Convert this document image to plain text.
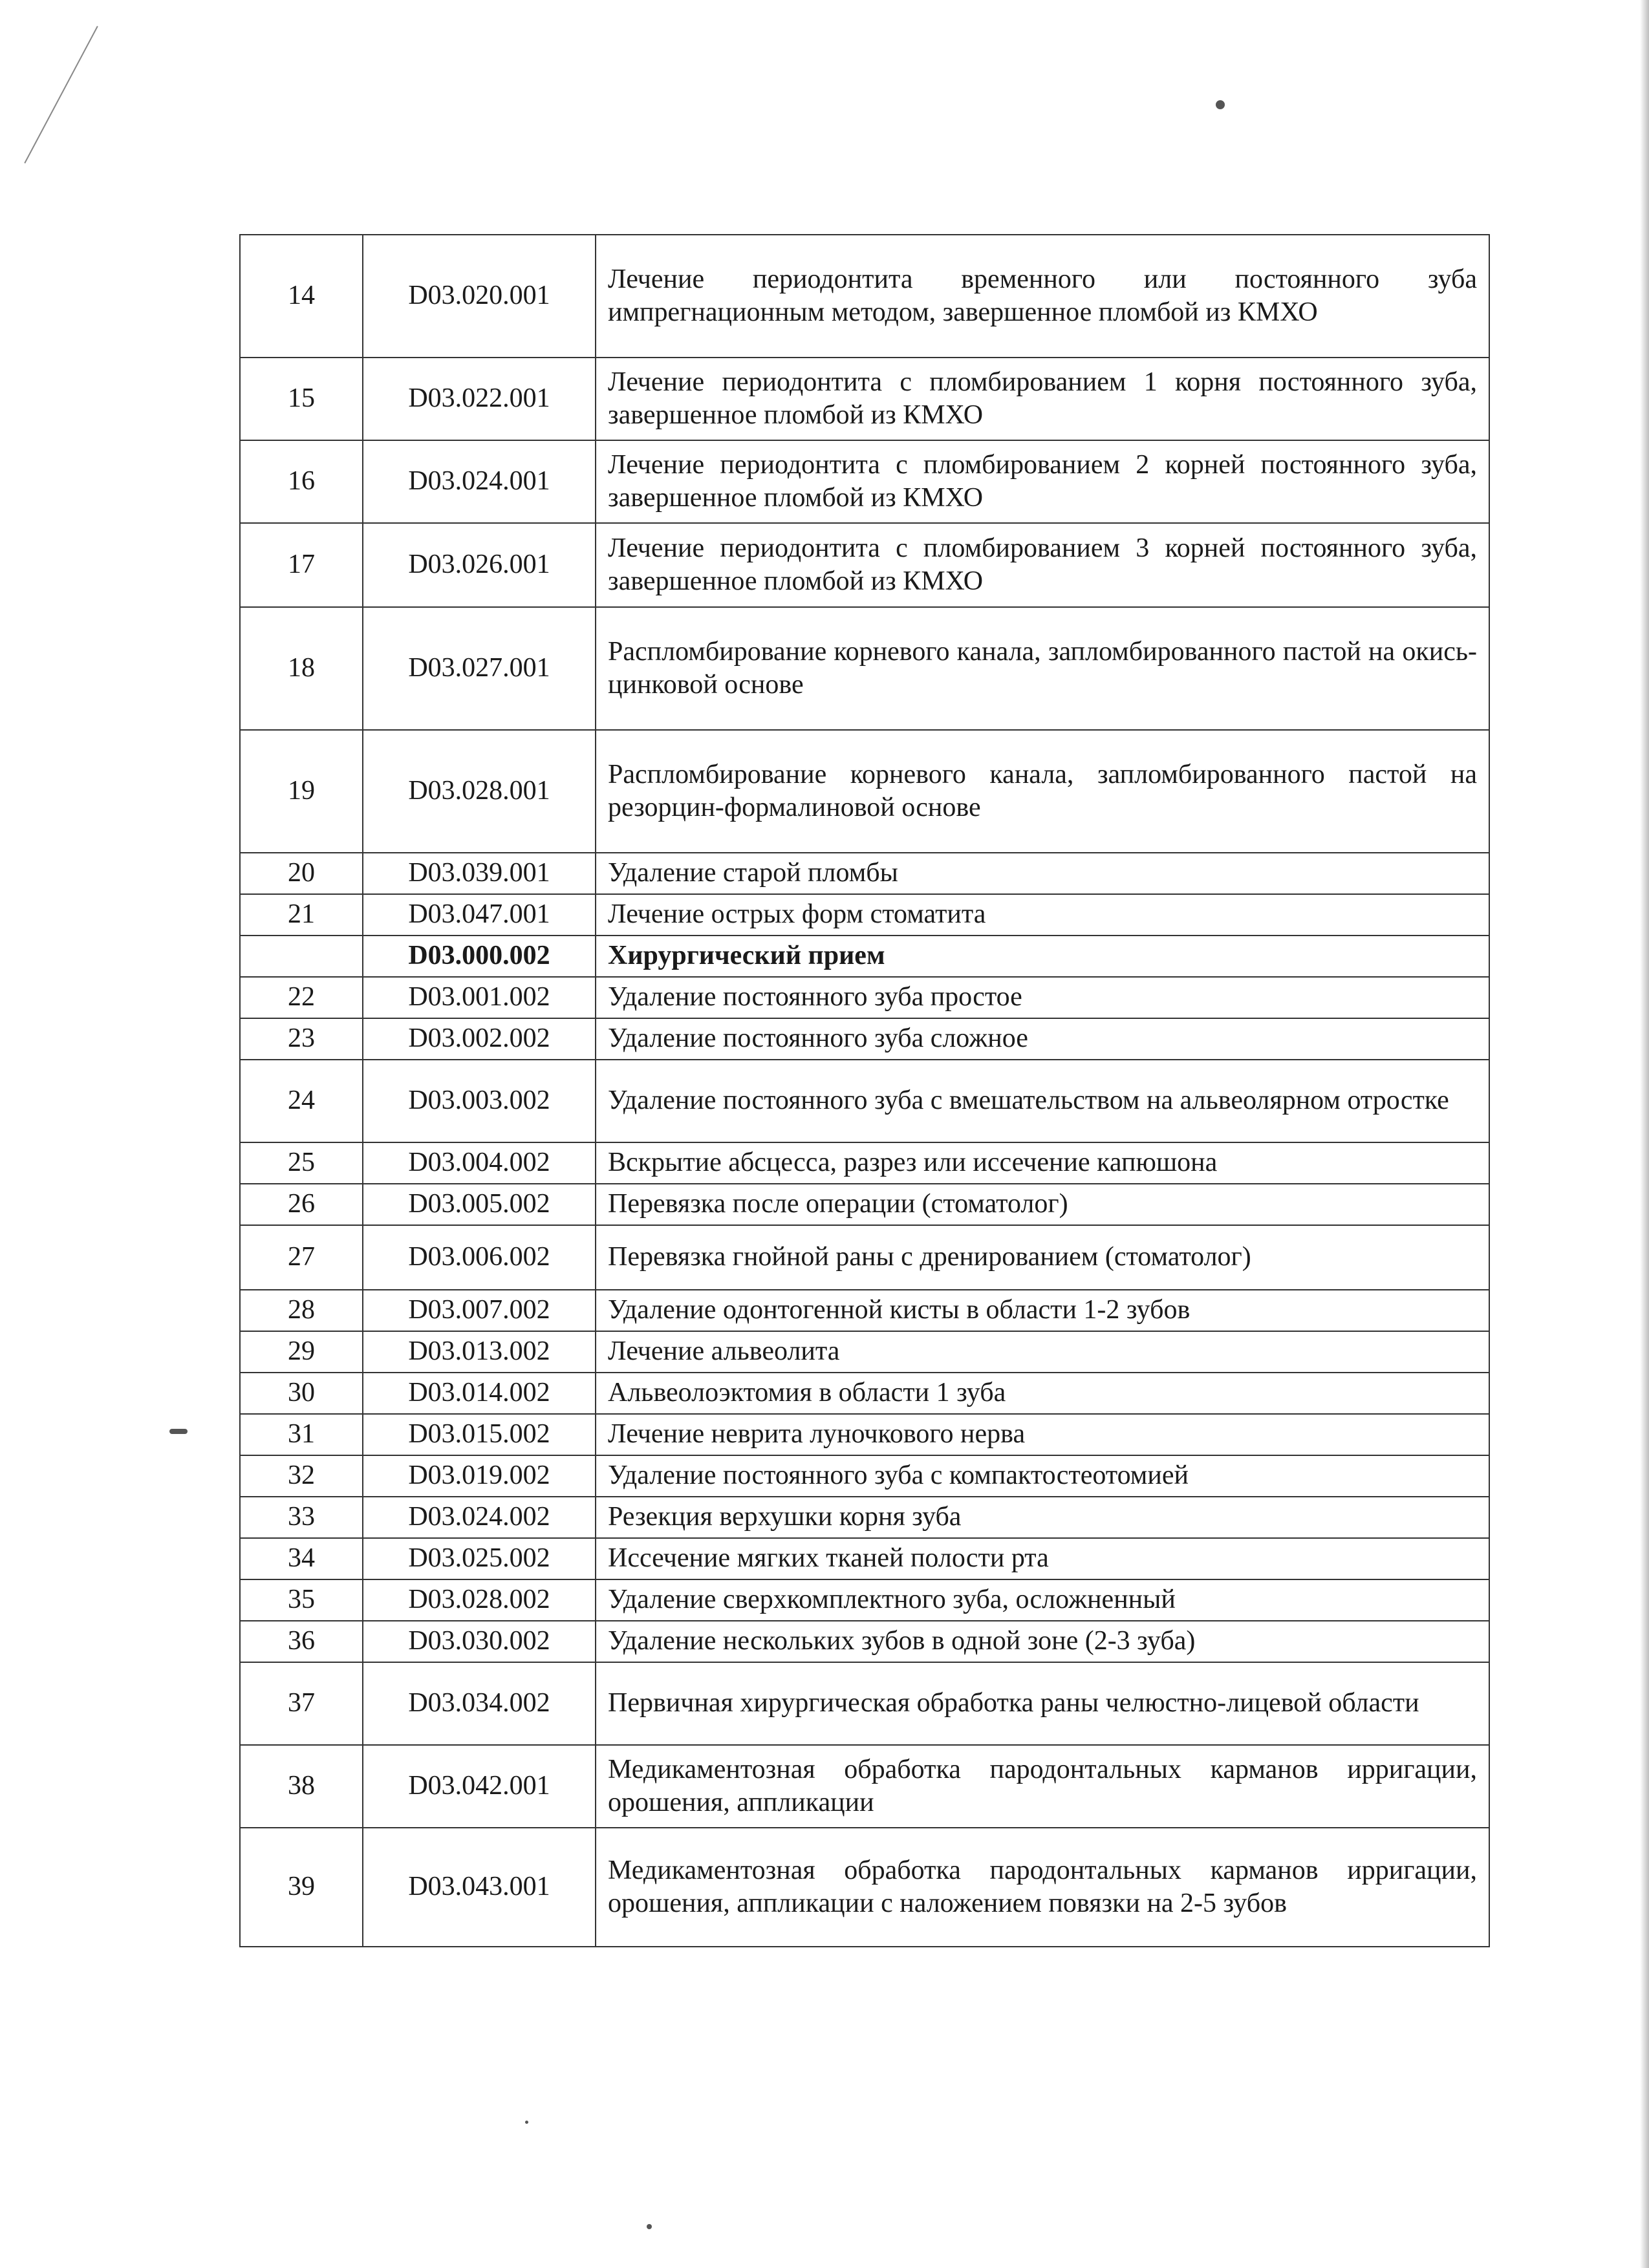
14	D03.020.001	Лечение периодонтита временного или постоянного зуба импрегнационным методом, завершенное пломбой из КМХО
15	D03.022.001	Лечение периодонтита с пломбированием 1 корня постоянного зуба, завершенное пломбой из КМХО
16	D03.024.001	Лечение периодонтита с пломбированием 2 корней постоянного зуба, завершенное пломбой из КМХО
17	D03.026.001	Лечение периодонтита с пломбированием 3 корней постоянного зуба, завершенное пломбой из КМХО
18	D03.027.001	Распломбирование корневого канала, запломбированного пастой на окись-цинковой основе
19	D03.028.001	Распломбирование корневого канала, запломбированного пастой на резорцин-формалиновой основе
20	D03.039.001	Удаление старой пломбы
21	D03.047.001	Лечение острых форм стоматита
	D03.000.002	Хирургический прием
22	D03.001.002	Удаление постоянного зуба простое
23	D03.002.002	Удаление постоянного зуба сложное
24	D03.003.002	Удаление постоянного зуба с вмешательством на альвеолярном отростке
25	D03.004.002	Вскрытие абсцесса, разрез или иссечение капюшона
26	D03.005.002	Перевязка после операции (стоматолог)
27	D03.006.002	Перевязка гнойной раны с дренированием (стоматолог)
28	D03.007.002	Удаление одонтогенной кисты в области 1-2 зубов
29	D03.013.002	Лечение альвеолита
30	D03.014.002	Альвеолоэктомия в области 1 зуба
31	D03.015.002	Лечение неврита луночкового нерва
32	D03.019.002	Удаление постоянного зуба с компактостеотомией
33	D03.024.002	Резекция верхушки корня зуба
34	D03.025.002	Иссечение мягких тканей полости рта
35	D03.028.002	Удаление сверхкомплектного зуба, осложненный
36	D03.030.002	Удаление нескольких зубов в одной зоне (2-3 зуба)
37	D03.034.002	Первичная хирургическая обработка раны челюстно-лицевой области
38	D03.042.001	Медикаментозная обработка пародонтальных карманов ирригации, орошения, аппликации
39	D03.043.001	Медикаментозная обработка пародонтальных карманов ирригации, орошения, аппликации с наложением повязки на 2-5 зубов
